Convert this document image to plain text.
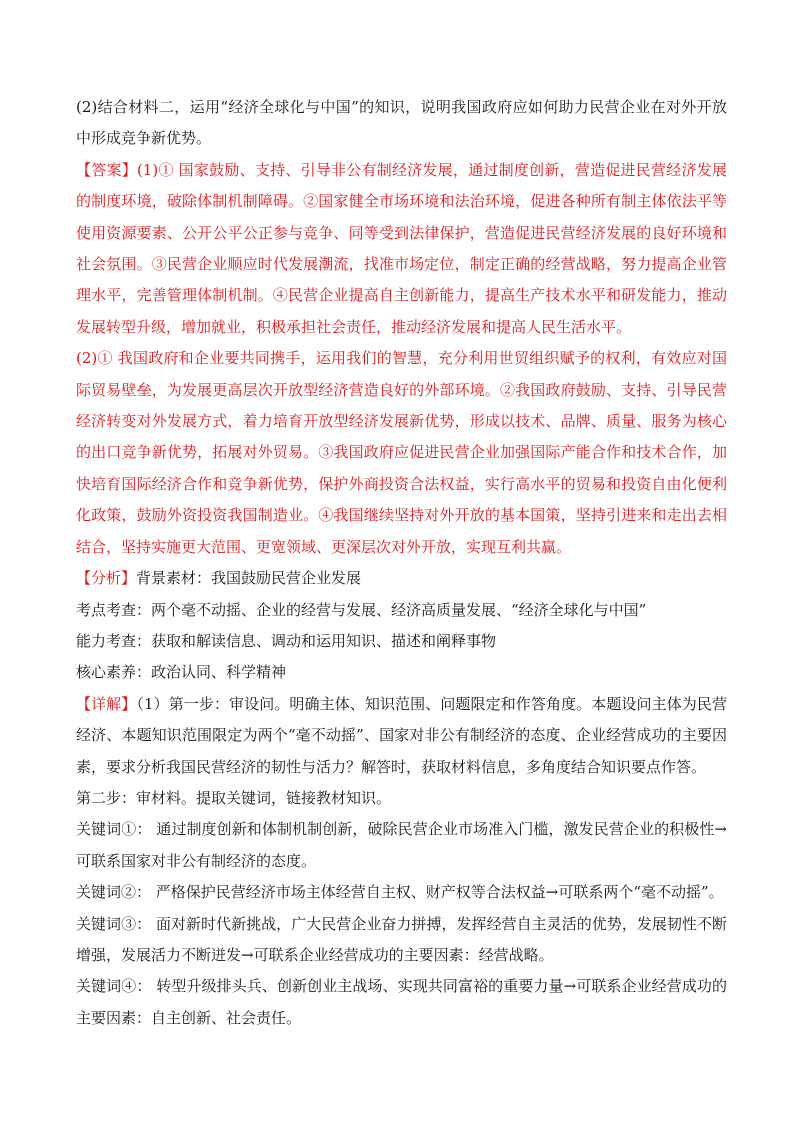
(2)结合材料二，运用“经济全球化与中国”的知识，说明我国政府应如何助力民营企业在对外开放中形成竞争新优势。

【答案】(1)① 国家鼓励、支持、引导非公有制经济发展，通过制度创新，营造促进民营经济发展的制度环境，破除体制机制障碍。②国家健全市场环境和法治环境，促进各种所有制主体依法平等使用资源要素、公开公平公正参与竞争、同等受到法律保护，营造促进民营经济发展的良好环境和社会氛围。③民营企业顺应时代发展潮流，找准市场定位，制定正确的经营战略，努力提高企业管理水平，完善管理体制机制。④民营企业提高自主创新能力，提高生产技术水平和研发能力，推动发展转型升级，增加就业，积极承担社会责任，推动经济发展和提高人民生活水平。

(2)① 我国政府和企业要共同携手，运用我们的智慧，充分利用世贸组织赋予的权利，有效应对国际贸易壁垒，为发展更高层次开放型经济营造良好的外部环境。②我国政府鼓励、支持、引导民营经济转变对外发展方式，着力培育开放型经济发展新优势，形成以技术、品牌、质量、服务为核心的出口竞争新优势，拓展对外贸易。③我国政府应促进民营企业加强国际产能合作和技术合作，加快培育国际经济合作和竞争新优势，保护外商投资合法权益，实行高水平的贸易和投资自由化便利化政策，鼓励外资投资我国制造业。④我国继续坚持对外开放的基本国策，坚持引进来和走出去相结合，坚持实施更大范围、更宽领域、更深层次对外开放，实现互利共赢。

【分析】背景素材：我国鼓励民营企业发展

考点考查：两个毫不动摇、企业的经营与发展、经济高质量发展、“经济全球化与中国”

能力考查：获取和解读信息、调动和运用知识、描述和阐释事物

核心素养：政治认同、科学精神

【详解】（1）第一步：审设问。明确主体、知识范围、问题限定和作答角度。本题设问主体为民营经济、本题知识范围限定为两个“毫不动摇”、国家对非公有制经济的态度、企业经营成功的主要因素，要求分析我国民营经济的韧性与活力？解答时，获取材料信息，多角度结合知识要点作答。

第二步：审材料。提取关键词，链接教材知识。

关键词①： 通过制度创新和体制机制创新，破除民营企业市场准入门槛，激发民营企业的积极性→可联系国家对非公有制经济的态度。

关键词②： 严格保护民营经济市场主体经营自主权、财产权等合法权益→可联系两个“毫不动摇”。

关键词③： 面对新时代新挑战，广大民营企业奋力拼搏，发挥经营自主灵活的优势，发展韧性不断增强，发展活力不断迸发→可联系企业经营成功的主要因素：经营战略。

关键词④： 转型升级排头兵、创新创业主战场、实现共同富裕的重要力量→可联系企业经营成功的主要因素：自主创新、社会责任。
